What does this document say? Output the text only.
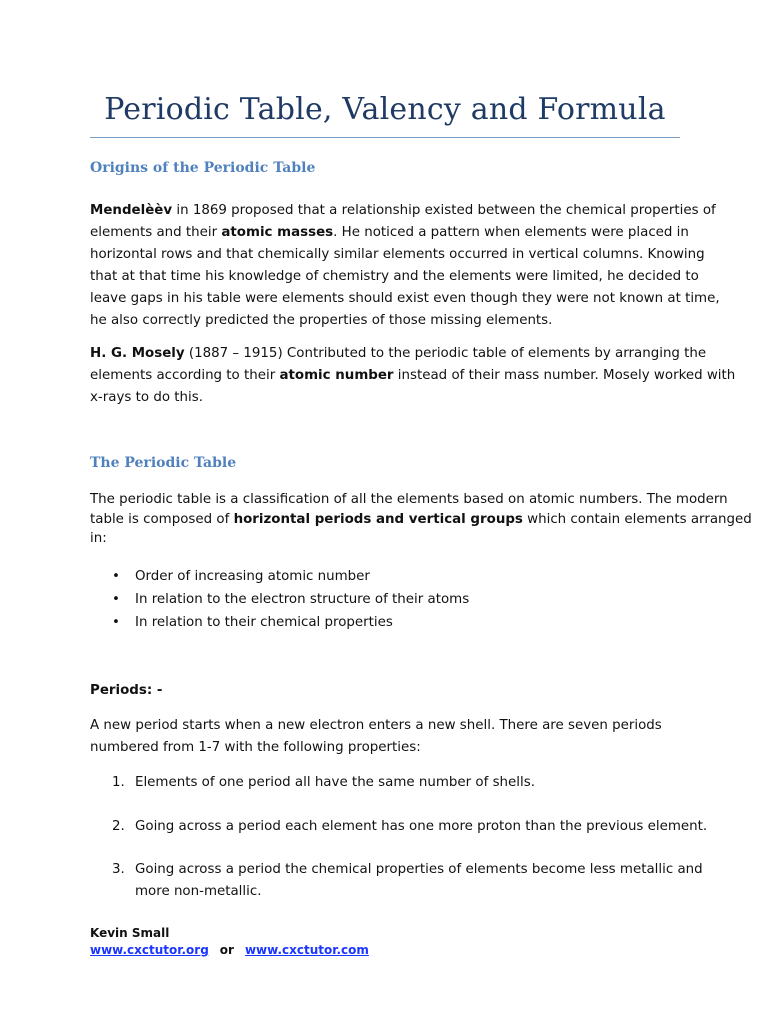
Periodic Table, Valency and Formula
Origins of the Periodic Table
Mendelèèv in 1869 proposed that a relationship existed between the chemical properties of
elements and their atomic masses. He noticed a pattern when elements were placed in
horizontal rows and that chemically similar elements occurred in vertical columns. Knowing
that at that time his knowledge of chemistry and the elements were limited, he decided to
leave gaps in his table were elements should exist even though they were not known at time,
he also correctly predicted the properties of those missing elements.
H. G. Mosely (1887 – 1915) Contributed to the periodic table of elements by arranging the
elements according to their atomic number instead of their mass number. Mosely worked with
x-rays to do this.
The Periodic Table
The periodic table is a classification of all the elements based on atomic numbers. The modern
table is composed of horizontal periods and vertical groups which contain elements arranged
in:
• Order of increasing atomic number
• In relation to the electron structure of their atoms
• In relation to their chemical properties
Periods: -
A new period starts when a new electron enters a new shell. There are seven periods
numbered from 1-7 with the following properties:
1. Elements of one period all have the same number of shells.
2. Going across a period each element has one more proton than the previous element.
3. Going across a period the chemical properties of elements become less metallic and
more non-metallic.
Kevin Small
www.cxctutor.org or www.cxctutor.com
